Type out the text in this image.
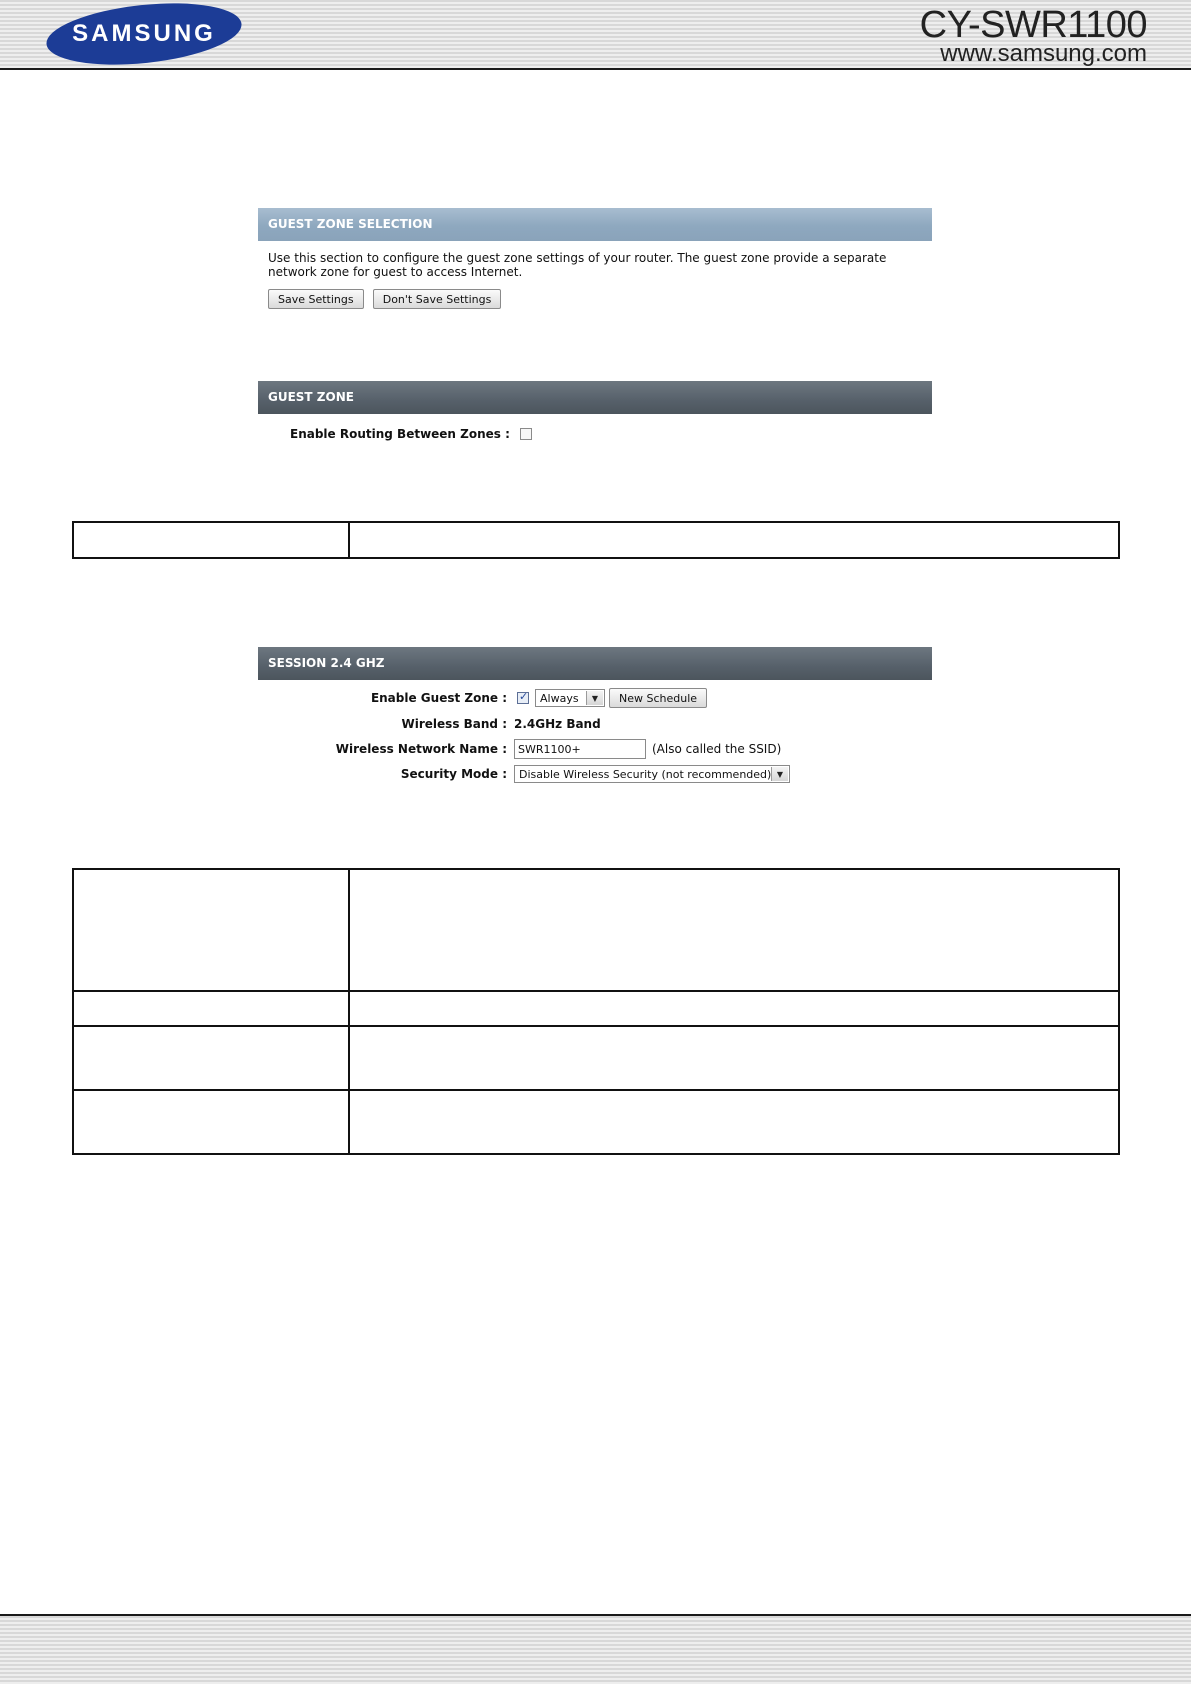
SAMSUNG	CY-SWR1100
www.samsung.com
GUEST ZONE SELECTION
Use this section to configure the guest zone settings of your router. The guest zone provide a separate
network zone for guest to access Internet.
Save Settings	Don't Save Settings
GUEST ZONE
Enable Routing Between Zones :

SESSION 2.4 GHZ
Enable Guest Zone :
✓	Always	▼	New Schedule
Wireless Band : 2.4GHz Band
Wireless Network Name :	SWR1100+	(Also called the SSID)
Security Mode : Disable Wireless Security (not recommended) ▼
